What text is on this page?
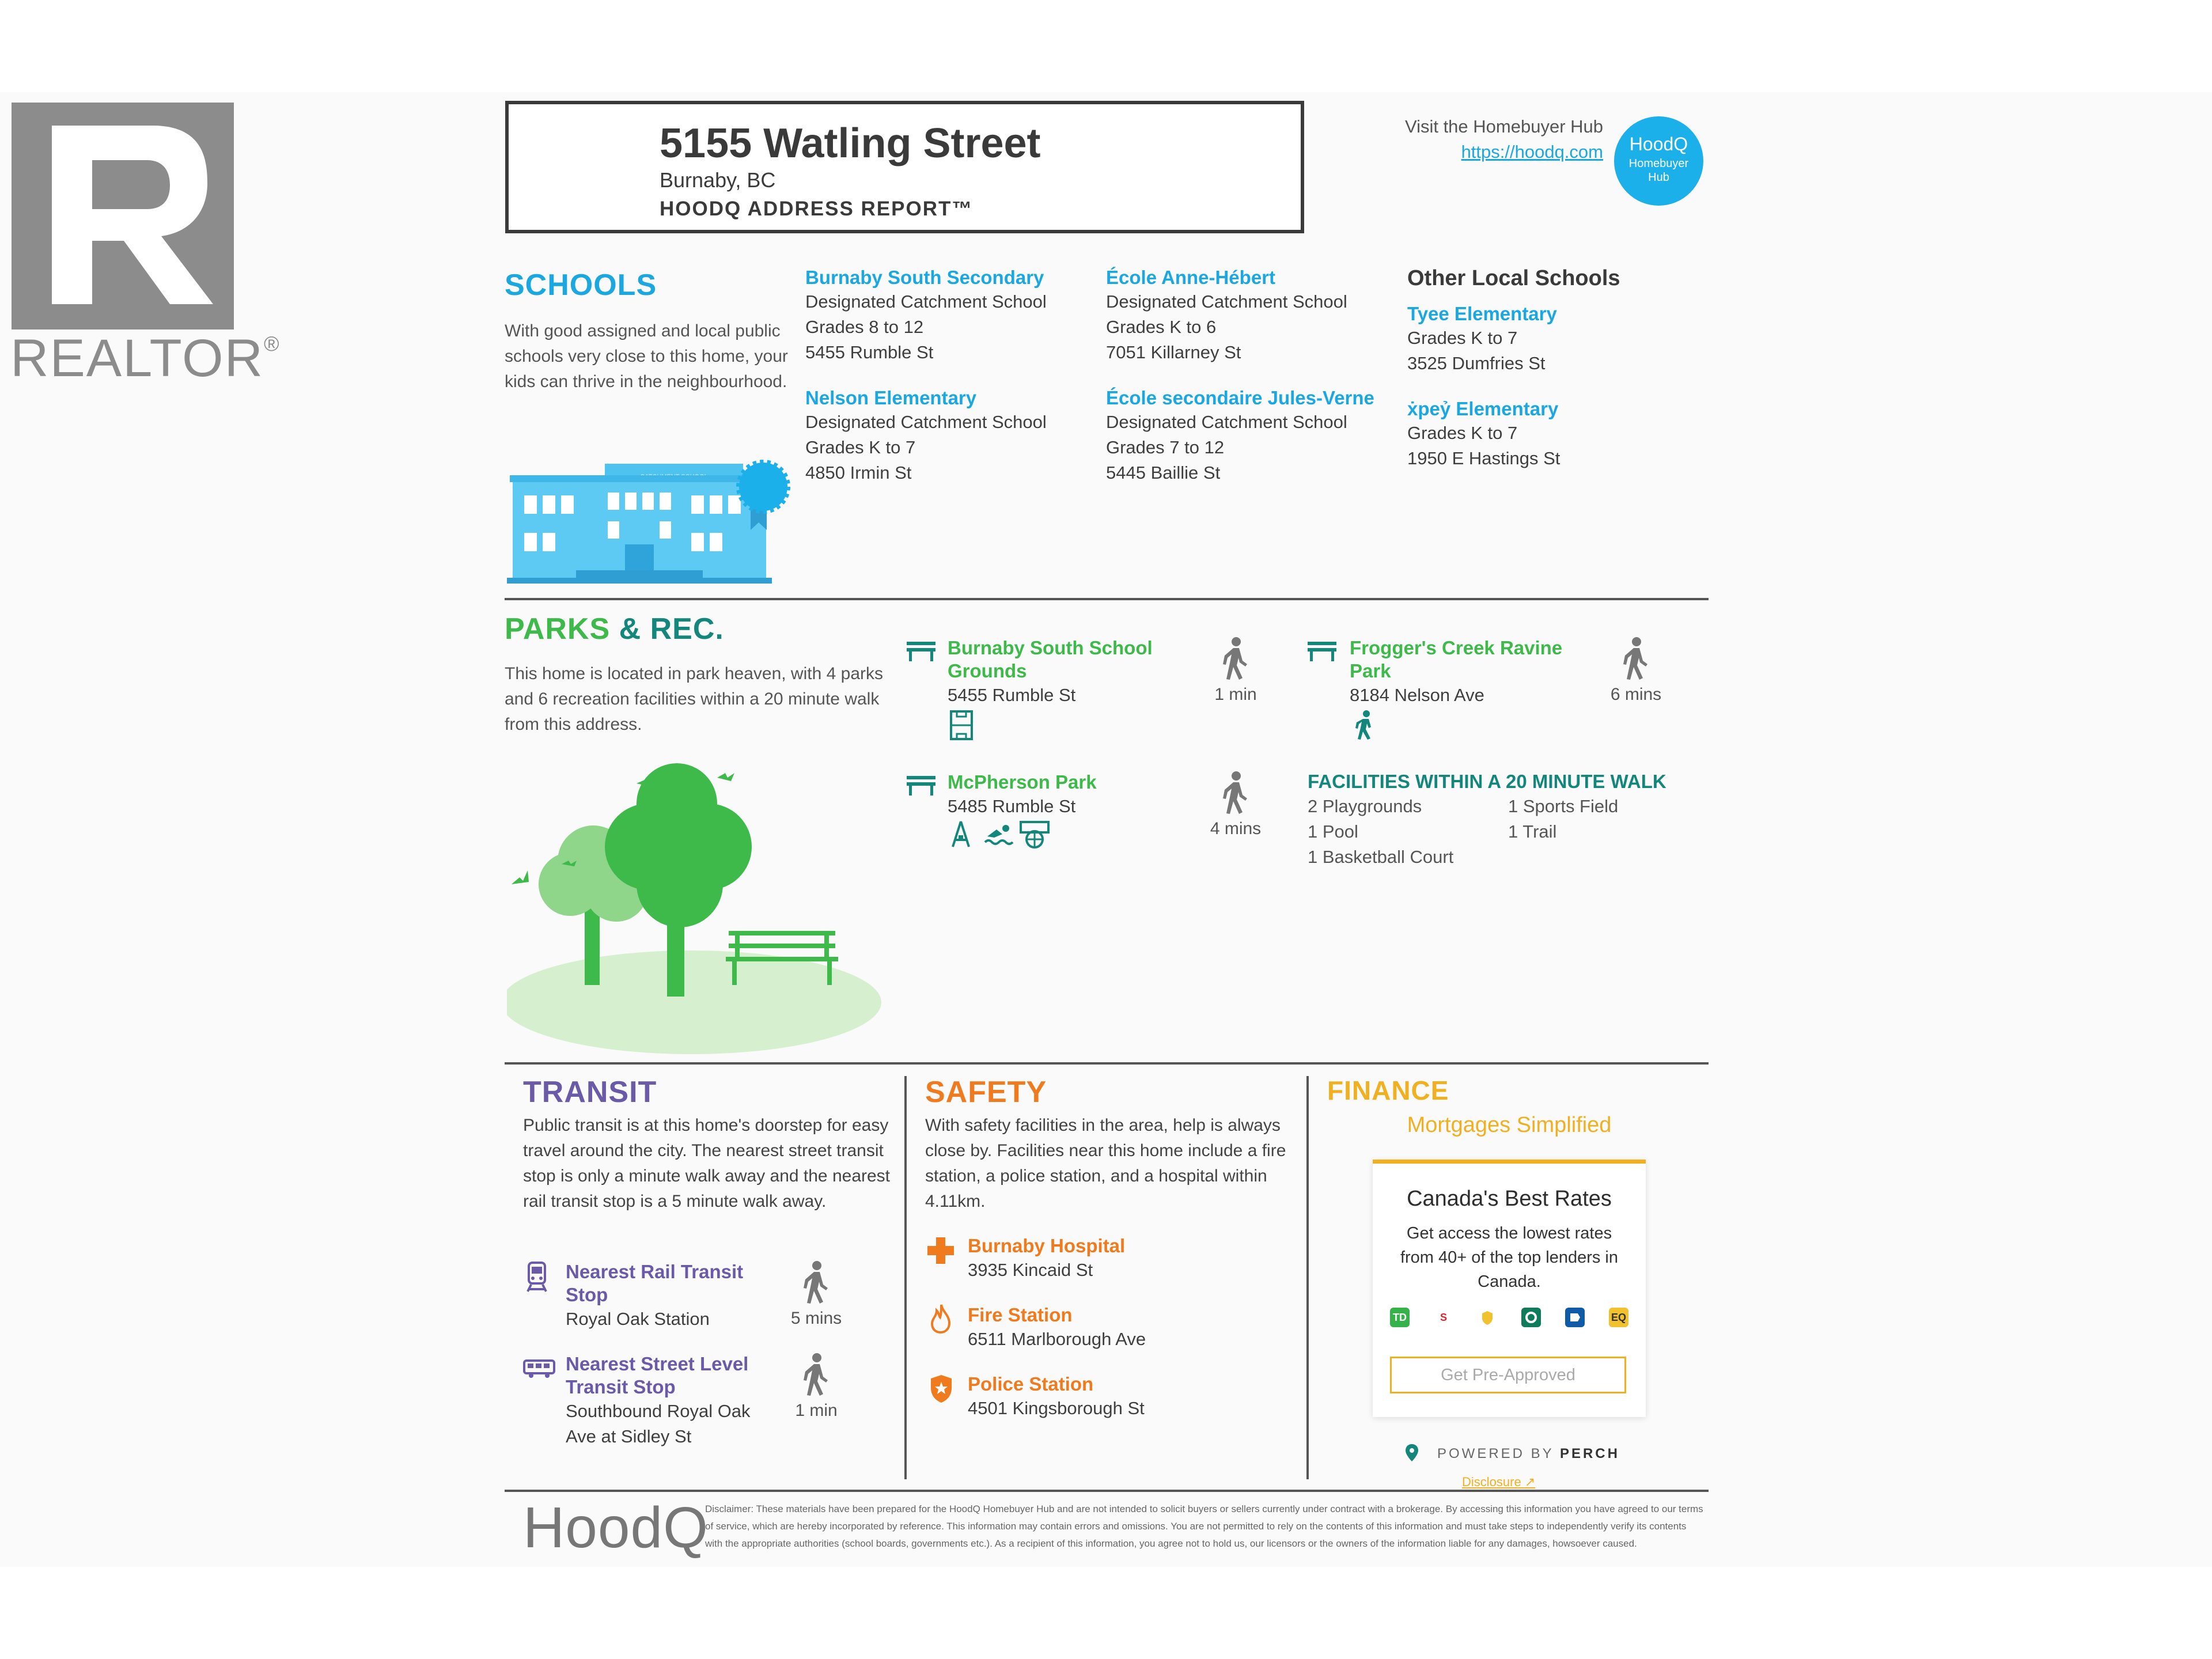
REALTOR®
5155 Watling Street
Burnaby, BC
HOODQ ADDRESS REPORT™
Visit the Homebuyer Hub
https://hoodq.com	HoodQ
Homebuyer
Hub
SCHOOLS
With good assigned and local public schools very close to this home, your kids can thrive in the neighbourhood.
Burnaby South Secondary
Designated Catchment School
Grades 8 to 12
5455 Rumble St
École Anne-Hébert
Designated Catchment School
Grades K to 6
7051 Killarney St
Nelson Elementary
Designated Catchment School
Grades K to 7
4850 Irmin St
École secondaire Jules-Verne
Designated Catchment School
Grades 7 to 12
5445 Baillie St
Other Local Schools
Tyee Elementary
Grades K to 7
3525 Dumfries St
ẋpeỷ Elementary
Grades K to 7
1950 E Hastings St
PARKS & REC.
This home is located in park heaven, with 4 parks and 6 recreation facilities within a 20 minute walk from this address.
Burnaby South School
Grounds
5455 Rumble St	1 min
Frogger's Creek Ravine
Park
8184 Nelson Ave	6 mins
McPherson Park
5485 Rumble St
4 mins
FACILITIES WITHIN A 20 MINUTE WALK
2 Playgrounds	1 Sports Field
1 Pool	1 Trail
1 Basketball Court
TRANSIT
Public transit is at this home's doorstep for easy travel around the city. The nearest street transit stop is only a minute walk away and the nearest rail transit stop is a 5 minute walk away.
Nearest Rail Transit
Stop
Royal Oak Station	5 mins
Nearest Street Level
Transit Stop
Southbound Royal Oak
Ave at Sidley St
1 min
SAFETY
With safety facilities in the area, help is always close by. Facilities near this home include a fire station, a police station, and a hospital within 4.11km.
Burnaby Hospital
3935 Kincaid St
Fire Station
6511 Marlborough Ave
Police Station
4501 Kingsborough St
FINANCE
Mortgages Simplified
Canada's Best Rates
Get access the lowest rates from 40+ of the top lenders in Canada.
TD	S	EQ
Get Pre-Approved
POWERED BY PERCH
Disclosure ↗
HoodQ
Disclaimer: These materials have been prepared for the HoodQ Homebuyer Hub and are not intended to solicit buyers or sellers currently under contract with a brokerage. By accessing this information you have agreed to our terms of service, which are hereby incorporated by reference. This information may contain errors and omissions. You are not permitted to rely on the contents of this information and must take steps to independently verify its contents with the appropriate authorities (school boards, governments etc.). As a recipient of this information, you agree not to hold us, our licensors or the owners of the information liable for any damages, howsoever caused.
